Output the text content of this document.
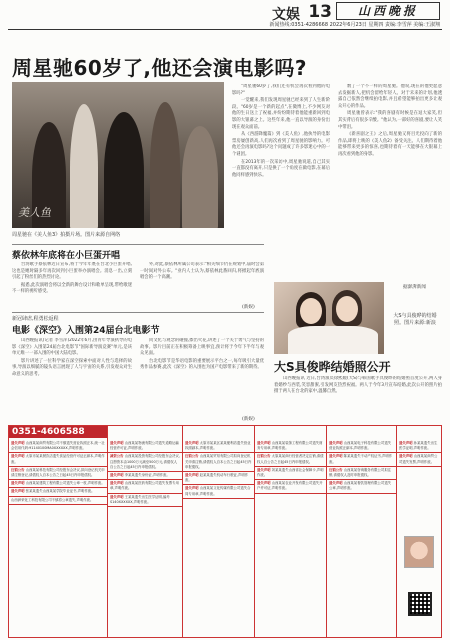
文娱 13	山西晚报
新闻热线:0351-4286668 2022年6月23日 星期四 责编:李雪萍 美编:王淑翔
周星驰60岁了,他还会演电影吗?
美人鱼
周星驰在《美人鱼3》拍摄片场。图片来源自网络

"周星驰60岁了,我们还有机会再次看到他的电影吗?"

一觉醒来,我们发现周星驰已经来到了人生新阶段。"60岁是一个新的起点",在微博上,不少网友对他的生日送上了祝福,并纷纷期待着他能重新回到电影的大银幕之上。这些年来,他一直以导演的身份出现在观众面前。

从《西游降魔篇》到《美人鱼》,他执导的电影票房屡创新高,人们再次看到了周星驰的影响力。可他还会再演电影吗?这个问题成了许多影迷心中的一个谜团。

在2013年的一次采访中,周星驰说道,自己其实一直都没有离开,只是换了一个角度在做电影,在幕后他同样感到快乐。

数了一个不一样的周星驰。他说,现在的他更愿意去发掘新人,把机会留给年轻人。对于未来的计划,他透露自己依然会继续拍电影,并且希望能够拍出更多让观众开心的作品。

周星驰曾表示:"我的喜剧有时候是在逗大家笑,但其实背后有很多辛酸。"他认为,一部好的喜剧,要让人笑中带泪。

《新喜剧之王》之后,周星驰又将目光投向了新的作品,即将上映的《美人鱼2》备受关注。人们期待着他能够带来更多的惊喜,也期待着有一天能够在大银幕上再次看到他的身影。

据澎湃新闻
蔡依林年底将在小巨蛋开唱

台湾歌手蔡依林近日宣布,将于今年年底在台北小巨蛋开唱,这也是她时隔多年再次回到小巨蛋举办演唱会。消息一出,立刻引起了粉丝们的热烈讨论。

据悉,此次演唱会将以全新的舞台设计和歌单呈现,带给歌迷不一样的视听感受。

外,对此,蔡依林所属公司表示:"相关细节仍在规划中,届时会第一时间对外公布。"业内人士认为,蔡依林此番回归,将掀起年底演唱会的一个高潮。

(新娱)
新冠肆虐,程勇松返程
电影《深空》入围第24届台北电影节

山西晚报讯(记者 李雪萍)2022年6月,由青年导演执导的电影《深空》入围第24届台北电影节"国际新导演竞赛"单元,是该单元唯一一部入围的中国大陆电影。

影片讲述了一位科学家在深空探索中面对人性与选择的故事,导演以细腻的镜头语言展现了人与宇宙的关系,引发观众对生命意义的思考。

同文化与观念的碰撞,擦出火花,讲述了一个关于勇气与坚持的故事。影片目前正在积极筹备上映事宜,预计将于今年下半年与观众见面。

台北电影节是华语电影的重要展示平台之一,每年吸引大量优秀作品参赛,此次《深空》的入围也为国产电影带来了新的期待。

(新娱)
大S与具俊晔的结婚照。图片来源:新浪
大S具俊晔结婚照公开

山西晚报讯 近日,台湾演员徐熙媛(大S)与韩国歌手具俊晔的结婚照首度公开,两人身着婚纱与西装,笑容甜蜜,引发网友热烈祝福。两人于今年3月宣布结婚,此次公开的照片拍摄于两人在台北的家中,温馨自然。

0351-4606588
遗失声明 山西某某商贸有限公司不慎遗失营业执照正本,统一社会信用代码:91140100MA0XXXXXX,声明作废。
遗失声明 太原市某某餐饮店遗失食品经营许可证正副本,声明作废。
注销公告 山西某某科技有限公司经股东会决议,拟向登记机关申请注销登记,请债权人自本公告之日起45日内申报债权。
遗失声明 山西某某建筑工程有限公司遗失公章一枚,声明作废。
遗失声明 张某某遗失山西某某学院毕业证书,声明作废。
山西润荣化工科技有限公司不慎将公章遗失,声明作废。
遗失声明 山西某某物流有限公司遗失道路运输经营许可证,声明作废。
减资公告 山西某某投资有限公司经股东会决议,注册资本由1000万元减至500万元,请债权人自公告之日起45日内申报债权。
遗失声明 李某某遗失身份证,声明作废。
遗失声明 山西某某医药有限公司遗失发票专用章,声明作废。
遗失声明 王某某遗失出生医学证明,编号S140XXXXXX,声明作废。
遗失声明 太原市某某区某某便利店遗失营业执照副本,声明作废。
注销公告 山西某某贸易有限公司拟向登记机关申请注销,请债权人自本公告之日起45日内申报债权。
遗失声明 赵某某遗失机动车行驶证,声明作废。
遗失声明 山西某某文化传媒有限公司遗失合同专用章,声明作废。
遗失声明 山西某某装饰工程有限公司遗失财务专用章,声明作废。
注销公告 太原某某商行经营者决定注销,请债权人自公告之日起45日内申报债权。
遗失声明 刘某某遗失山西省社会保障卡,声明作废。
遗失声明 山西某某农业开发有限公司遗失开户许可证,声明作废。
遗失声明 山西某某电子科技有限公司遗失营业执照正副本,声明作废。
遗失声明 陈某某遗失不动产权证书,声明作废。
注销公告 山西某某咨询服务有限公司拟注销,请债权人及时申报债权。
遗失声明 山西某某餐饮管理有限公司遗失公章,声明作废。
遗失声明 孙某某遗失出生医学证明,声明作废。
遗失声明 山西某某商贸公司遗失发票,声明作废。
